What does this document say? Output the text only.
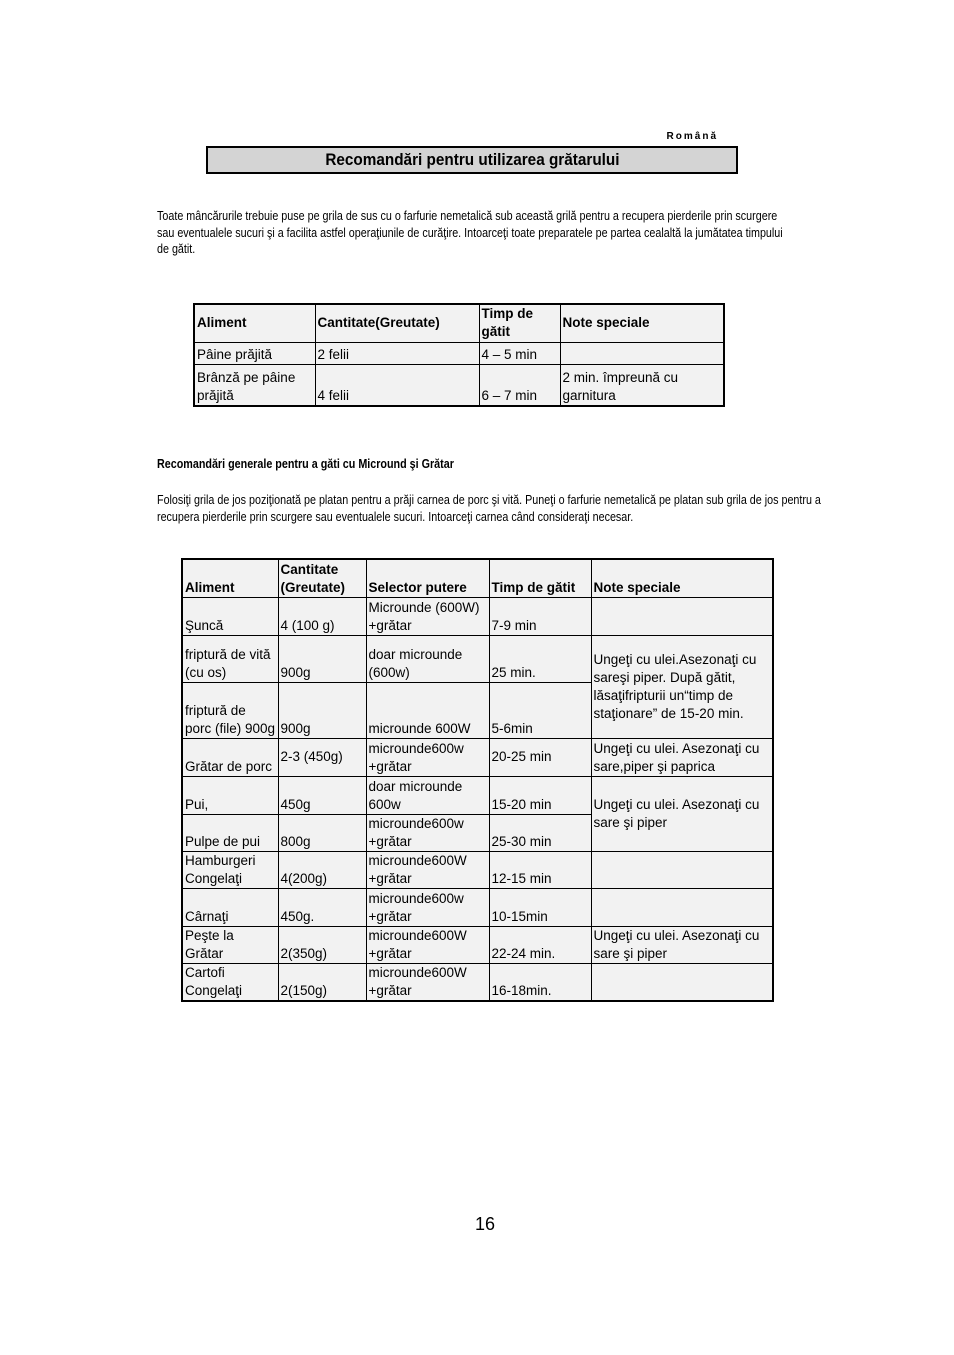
Română
Recomandări pentru utilizarea grătarului
Toate mâncărurile trebuie puse pe grila de sus cu o farfurie nemetalică sub această grilă pentru a recupera pierderile prin scurgere sau eventualele sucuri şi a facilita astfel operaţiunile de curăţire. Intoarceţi toate preparatele pe partea cealaltă la jumătatea timpului de gătit.
Aliment	Cantitate(Greutate)	Timp de gătit	Note speciale
Pâine prăjită	2 felii	4 – 5 min	
Brânză pe pâine prăjită	4 felii	6 – 7 min	2 min. împreună cu garnitura
Recomandări generale pentru a găti cu Micround şi Grătar
Folosiţi grila de jos poziţionată pe platan pentru a prăji carnea de porc şi vită. Puneţi o farfurie nemetalică pe platan sub grila de jos pentru a recupera pierderile prin scurgere sau eventualele sucuri. Intoarceţi carnea când consideraţi necesar.
Aliment	Cantitate (Greutate)	Selector putere	Timp de gătit	Note speciale
Şuncă	4 (100 g)	Microunde (600W) +grătar	7-9 min	
friptură de vită (cu os)	900g	doar microunde (600w)	25 min.	Ungeţi cu ulei.Asezonaţi cu sareşi piper. După gătit, lăsaţifripturii un“timp de staţionare” de 15-20 min.
friptură de porc (file) 900g	900g	microunde 600W	5-6min	
Grătar de porc	2-3 (450g)	microunde600w +grătar	20-25 min	Ungeţi cu ulei. Asezonaţi cu sare,piper şi paprica
Pui,	450g	doar microunde 600w	15-20 min	Ungeţi cu ulei. Asezonaţi cu sare şi piper
Pulpe de pui	800g	microunde600w +grătar	25-30 min	
Hamburgeri Congelaţi	4(200g)	microunde600W +grătar	12-15 min	
Cârnaţi	450g.	microunde600w +grătar	10-15min	
Peşte la Grătar	2(350g)	microunde600W +grătar	22-24 min.	Ungeţi cu ulei. Asezonaţi cu sare şi piper
Cartofi Congelaţi	2(150g)	microunde600W +grătar	16-18min.	
16
